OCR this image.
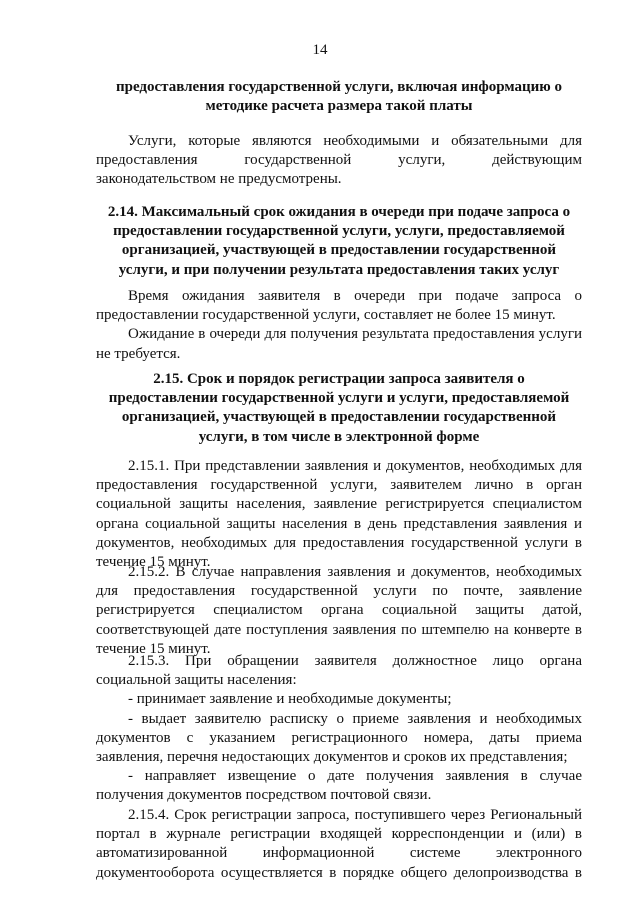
14
предоставления государственной услуги, включая информацию о
методике расчета размера такой платы
Услуги, которые являются необходимыми и обязательными для
предоставления государственной услуги, действующим
законодательством не предусмотрены.
2.14. Максимальный срок ожидания в очереди при подаче запроса о
предоставлении государственной услуги, услуги, предоставляемой
организацией, участвующей в предоставлении государственной
услуги, и при получении результата предоставления таких услуг
Время ожидания заявителя в очереди при подаче запроса о
предоставлении государственной услуги, составляет не более 15 минут.
Ожидание в очереди для получения результата предоставления услуги
не требуется.
2.15. Срок и порядок регистрации запроса заявителя о
предоставлении государственной услуги и услуги, предоставляемой
организацией, участвующей в предоставлении государственной
услуги, в том числе в электронной форме
2.15.1. При представлении заявления и документов, необходимых для
предоставления государственной услуги, заявителем лично в орган
социальной защиты населения, заявление регистрируется специалистом
органа социальной защиты населения в день представления заявления и
документов, необходимых для предоставления государственной услуги в
течение 15 минут.
2.15.2. В случае направления заявления и документов, необходимых
для предоставления государственной услуги по почте, заявление
регистрируется специалистом органа социальной защиты датой,
соответствующей дате поступления заявления по штемпелю на конверте в
течение 15 минут.
2.15.3. При обращении заявителя должностное лицо органа
социальной защиты населения:
- принимает заявление и необходимые документы;
- выдает заявителю расписку о приеме заявления и необходимых
документов с указанием регистрационного номера, даты приема
заявления, перечня недостающих документов и сроков их представления;
- направляет извещение о дате получения заявления в случае
получения документов посредством почтовой связи.
2.15.4. Срок регистрации запроса, поступившего через Региональный
портал в журнале регистрации входящей корреспонденции и (или) в
автоматизированной информационной системе электронного
документооборота осуществляется в порядке общего делопроизводства в
